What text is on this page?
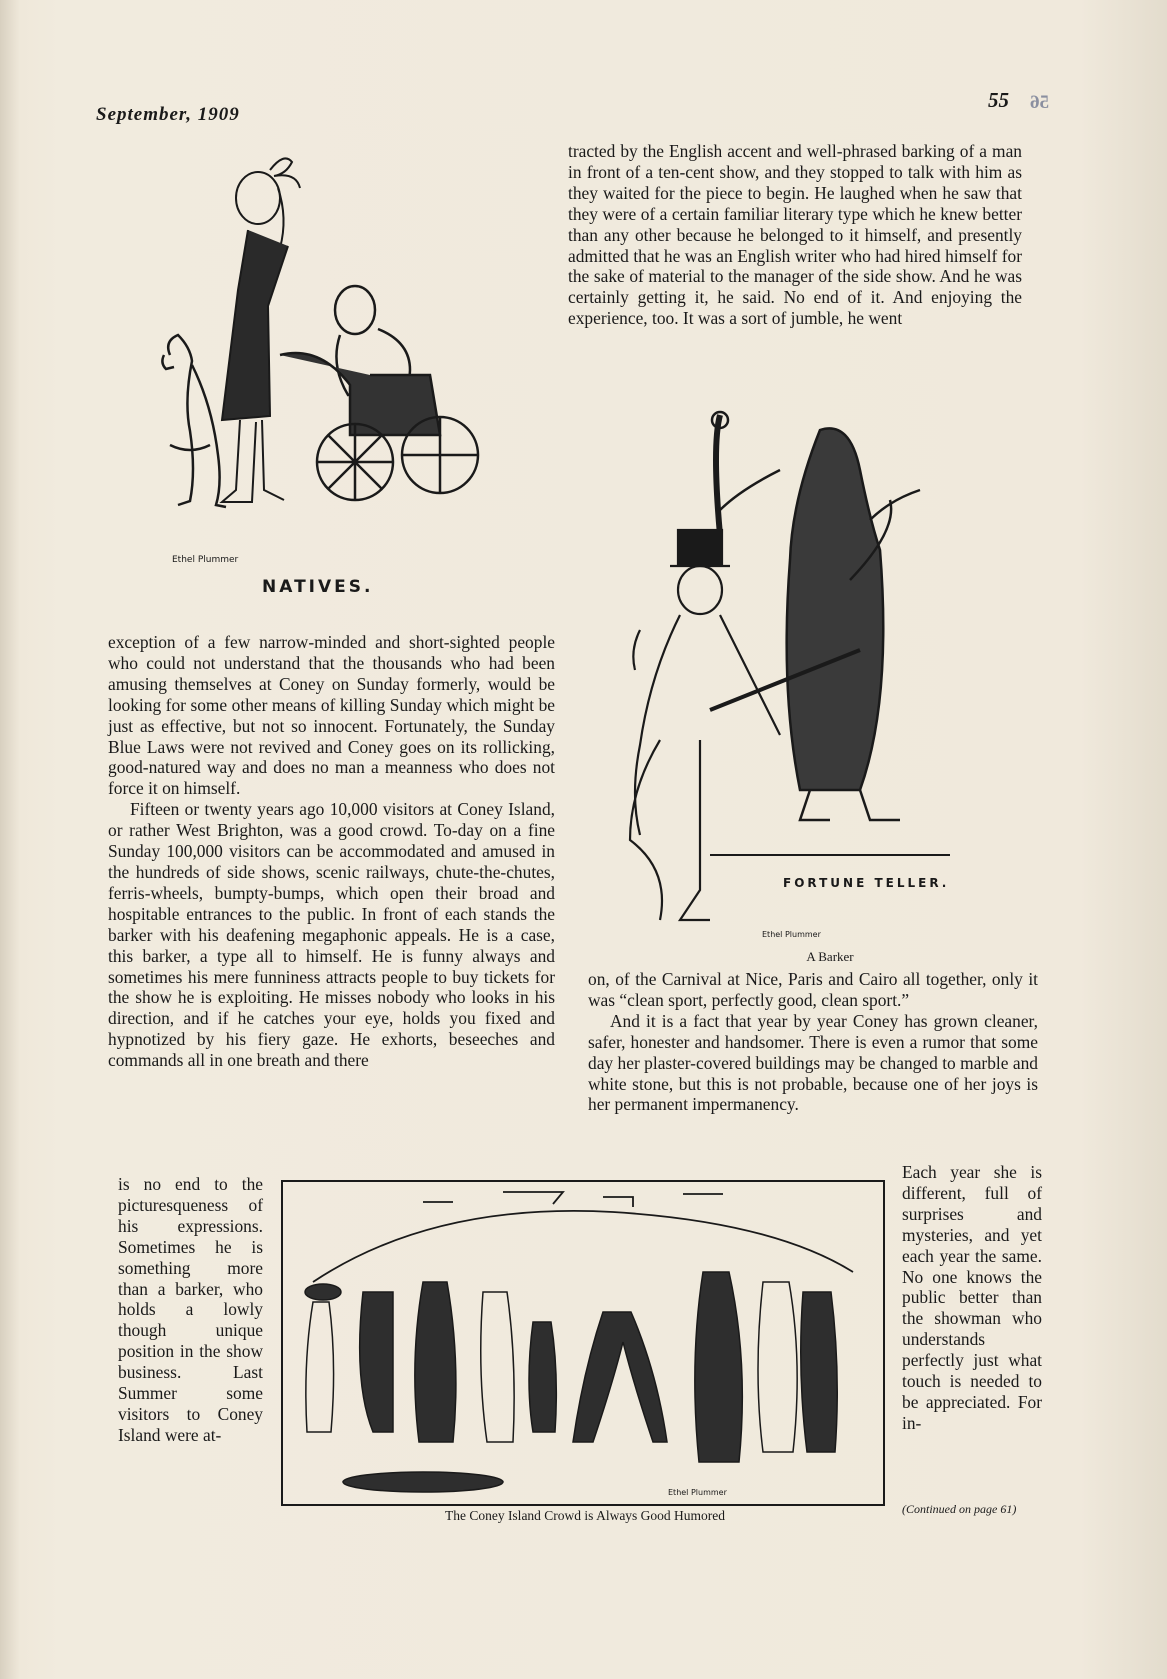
September, 1909
55 56
Ethel Plummer
NATIVES.

exception of a few narrow-minded and short-sighted people who could not understand that the thousands who had been amusing themselves at Coney on Sunday formerly, would be looking for some other means of killing Sunday which might be just as effective, but not so innocent. Fortunately, the Sunday Blue Laws were not revived and Coney goes on its rollicking, good-natured way and does no man a meanness who does not force it on himself.

Fifteen or twenty years ago 10,000 visitors at Coney Island, or rather West Brighton, was a good crowd. To-day on a fine Sunday 100,000 visitors can be accommodated and amused in the hundreds of side shows, scenic railways, chute-the-chutes, ferris-wheels, bumpty-bumps, which open their broad and hospitable entrances to the public. In front of each stands the barker with his deafening megaphonic appeals. He is a case, this barker, a type all to himself. He is funny always and sometimes his mere funniness attracts people to buy tickets for the show he is exploiting. He misses nobody who looks in his direction, and if he catches your eye, holds you fixed and hypnotized by his fiery gaze. He exhorts, beseeches and commands all in one breath and there

is no end to the picturesqueness of his expressions. Sometimes he is something more than a barker, who holds a lowly though unique position in the show business. Last Summer some visitors to Coney Island were at-

tracted by the English accent and well-phrased barking of a man in front of a ten-cent show, and they stopped to talk with him as they waited for the piece to begin. He laughed when he saw that they were of a certain familiar literary type which he knew better than any other because he belonged to it himself, and presently admitted that he was an English writer who had hired himself for the sake of material to the manager of the side show. And he was certainly getting it, he said. No end of it. And enjoying the experience, too. It was a sort of jumble, he went

FORTUNE TELLER.
Ethel Plummer
A Barker

on, of the Carnival at Nice, Paris and Cairo all together, only it was “clean sport, perfectly good, clean sport.”

And it is a fact that year by year Coney has grown cleaner, safer, honester and handsomer. There is even a rumor that some day her plaster-covered buildings may be changed to marble and white stone, but this is not probable, because one of her joys is her permanent impermanency.

Each year she is different, full of surprises and mysteries, and yet each year the same. No one knows the public better than the showman who understands perfectly just what touch is needed to be appreciated. For in-

Ethel Plummer
The Coney Island Crowd is Always Good Humored	(Continued on page 61)
